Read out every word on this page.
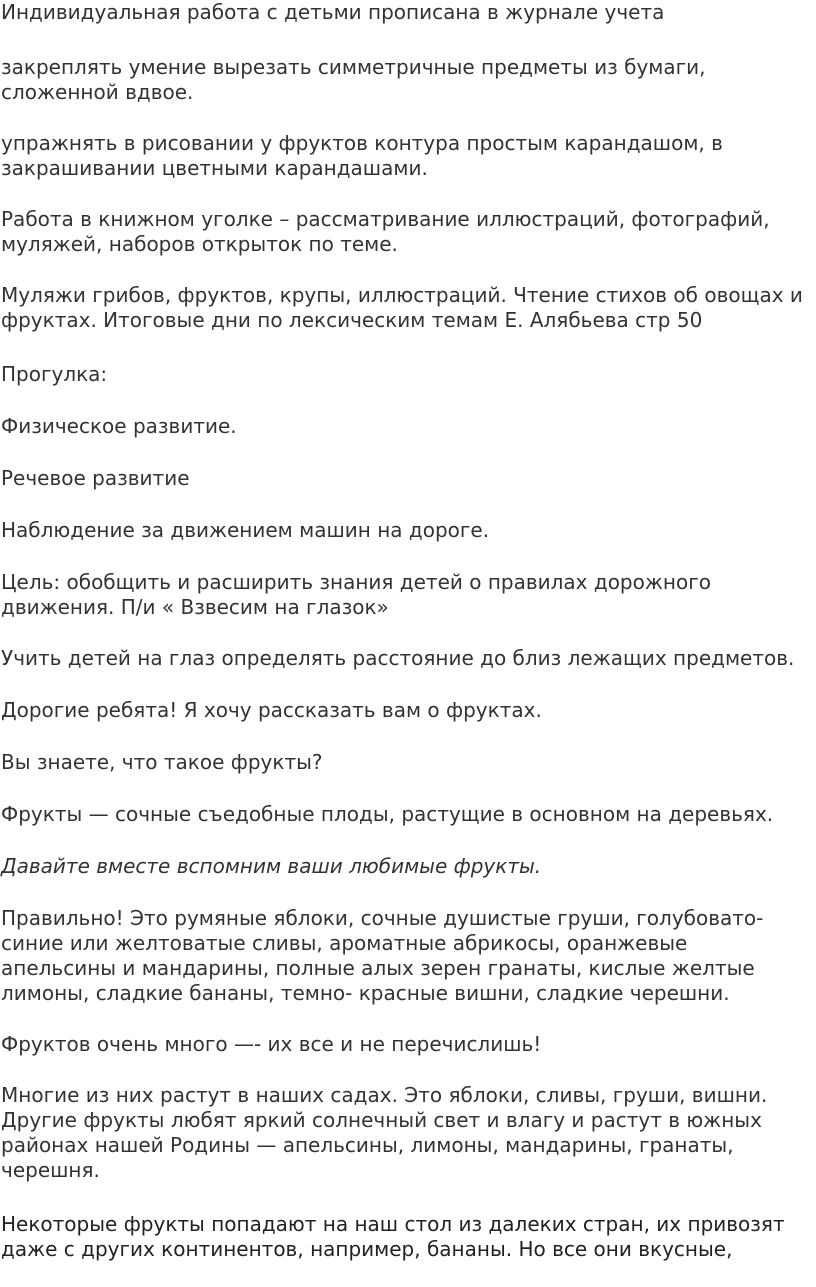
Индивидуальная работа с детьми прописана в журнале учета

закреплять умение вырезать симметричные предметы из бумаги, сложенной вдвое.

упражнять в рисовании у фруктов контура простым карандашом, в закрашивании цветными карандашами.

Работа в книжном уголке – рассматривание иллюстраций, фотографий, муляжей, наборов открыток по теме.

Муляжи грибов, фруктов, крупы, иллюстраций. Чтение стихов об овощах и фруктах. Итоговые дни по лексическим темам Е. Алябьева стр 50

Прогулка:

Физическое развитие.

Речевое развитие

Наблюдение за движением машин на дороге.

Цель: обобщить и расширить знания детей о правилах дорожного движения. П/и « Взвесим на глазок»

Учить детей на глаз определять расстояние до близ лежащих предметов.

Дорогие ребята! Я хочу рассказать вам о фруктах.

Вы знаете, что такое фрукты?

Фрукты — сочные съедобные плоды, растущие в основном на деревьях.

Давайте вместе вспомним ваши любимые фрукты.

Правильно! Это румяные яблоки, сочные душистые груши, голубовато-синие или желтоватые сливы, ароматные абрикосы, оранжевые апельсины и мандарины, полные алых зерен гранаты, кислые желтые лимоны, сладкие бананы, темно- красные вишни, сладкие черешни.

Фруктов очень много —- их все и не перечислишь!

Многие из них растут в наших садах. Это яблоки, сливы, груши, вишни. Другие фрукты любят яркий солнечный свет и влагу и растут в южных районах нашей Родины — апельсины, лимоны, мандарины, гранаты, черешня.

Некоторые фрукты попадают на наш стол из далеких стран, их привозят даже с других континентов, например, бананы. Но все они вкусные,
